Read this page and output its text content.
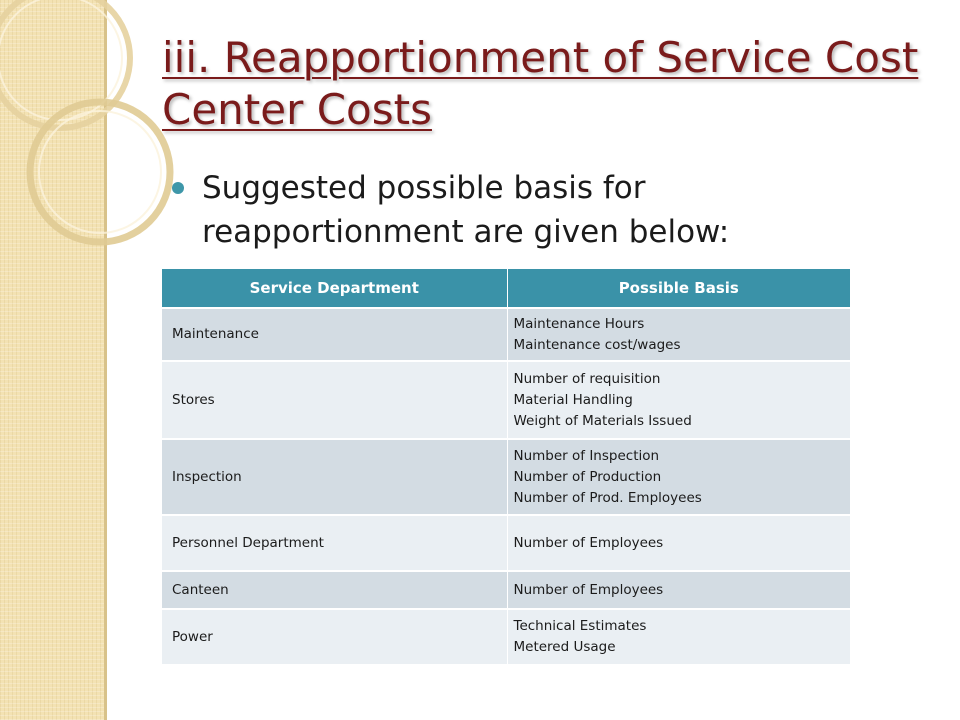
iii. Reapportionment of Service Cost Center Costs
Suggested possible basis for reapportionment are given below:
Service Department	Possible Basis
Maintenance	Maintenance Hours
Maintenance cost/wages

Stores	Number of requisition
Material Handling
Weight of Materials Issued

Inspection	Number of Inspection
Number of Production
Number of Prod. Employees

Personnel Department	Number of Employees

Canteen	Number of Employees

Power	Technical Estimates
Metered Usage
